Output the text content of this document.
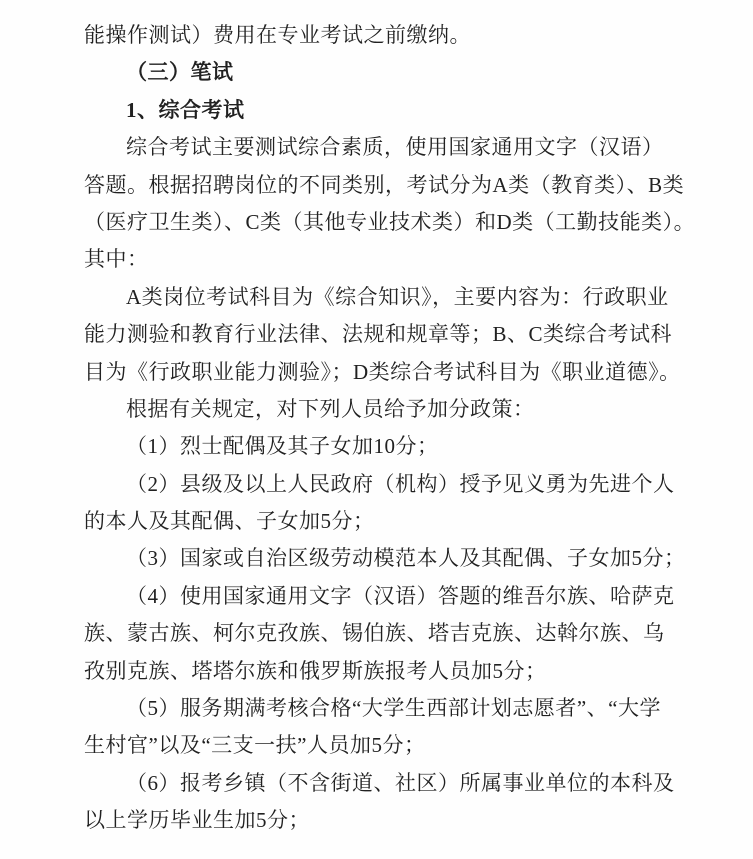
能操作测试）费用在专业考试之前缴纳。
（三）笔试
1、综合考试
综合考试主要测试综合素质，使用国家通用文字（汉语）
答题。根据招聘岗位的不同类别，考试分为A类（教育类）、B类
（医疗卫生类）、C类（其他专业技术类）和D类（工勤技能类）。
其中：
A类岗位考试科目为《综合知识》，主要内容为：行政职业
能力测验和教育行业法律、法规和规章等；B、C类综合考试科
目为《行政职业能力测验》；D类综合考试科目为《职业道德》。
根据有关规定，对下列人员给予加分政策：
（1）烈士配偶及其子女加10分；
（2）县级及以上人民政府（机构）授予见义勇为先进个人
的本人及其配偶、子女加5分；
（3）国家或自治区级劳动模范本人及其配偶、子女加5分；
（4）使用国家通用文字（汉语）答题的维吾尔族、哈萨克
族、蒙古族、柯尔克孜族、锡伯族、塔吉克族、达斡尔族、乌
孜别克族、塔塔尔族和俄罗斯族报考人员加5分；
（5）服务期满考核合格“大学生西部计划志愿者”、“大学
生村官”以及“三支一扶”人员加5分；
（6）报考乡镇（不含街道、社区）所属事业单位的本科及
以上学历毕业生加5分；
